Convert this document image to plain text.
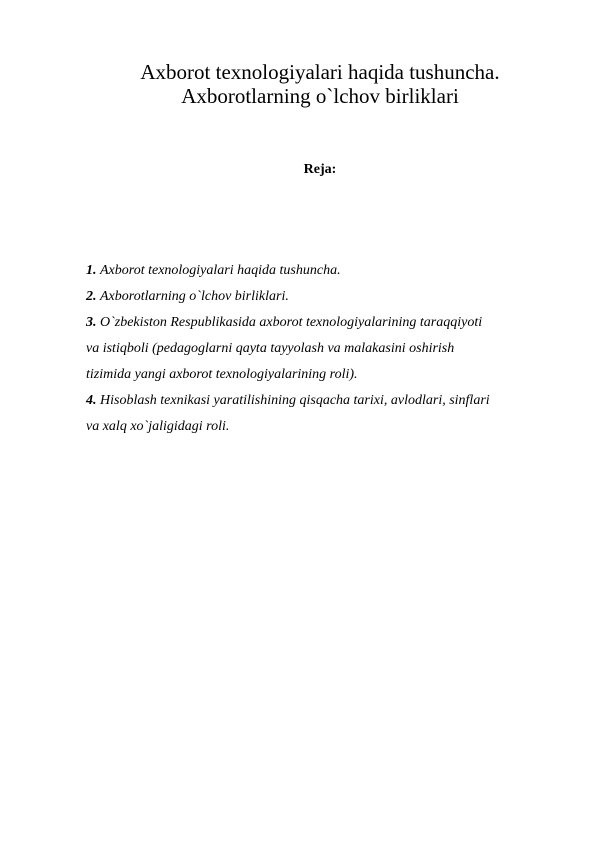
Axborot texnologiyalari haqida tushuncha.
Axborotlarning o`lchov birliklari
Reja:
1. Axborot texnologiyalari haqida tushuncha.
2. Axborotlarning o`lchov birliklari.
3. O`zbekiston Respublikasida axborot texnologiyalarining taraqqiyoti
va istiqboli (pedagoglarni qayta tayyolash va malakasini oshirish
tizimida yangi axborot texnologiyalarining roli).
4. Hisoblash texnikasi yaratilishining qisqacha tarixi, avlodlari, sinflari
va xalq xo`jaligidagi roli.
